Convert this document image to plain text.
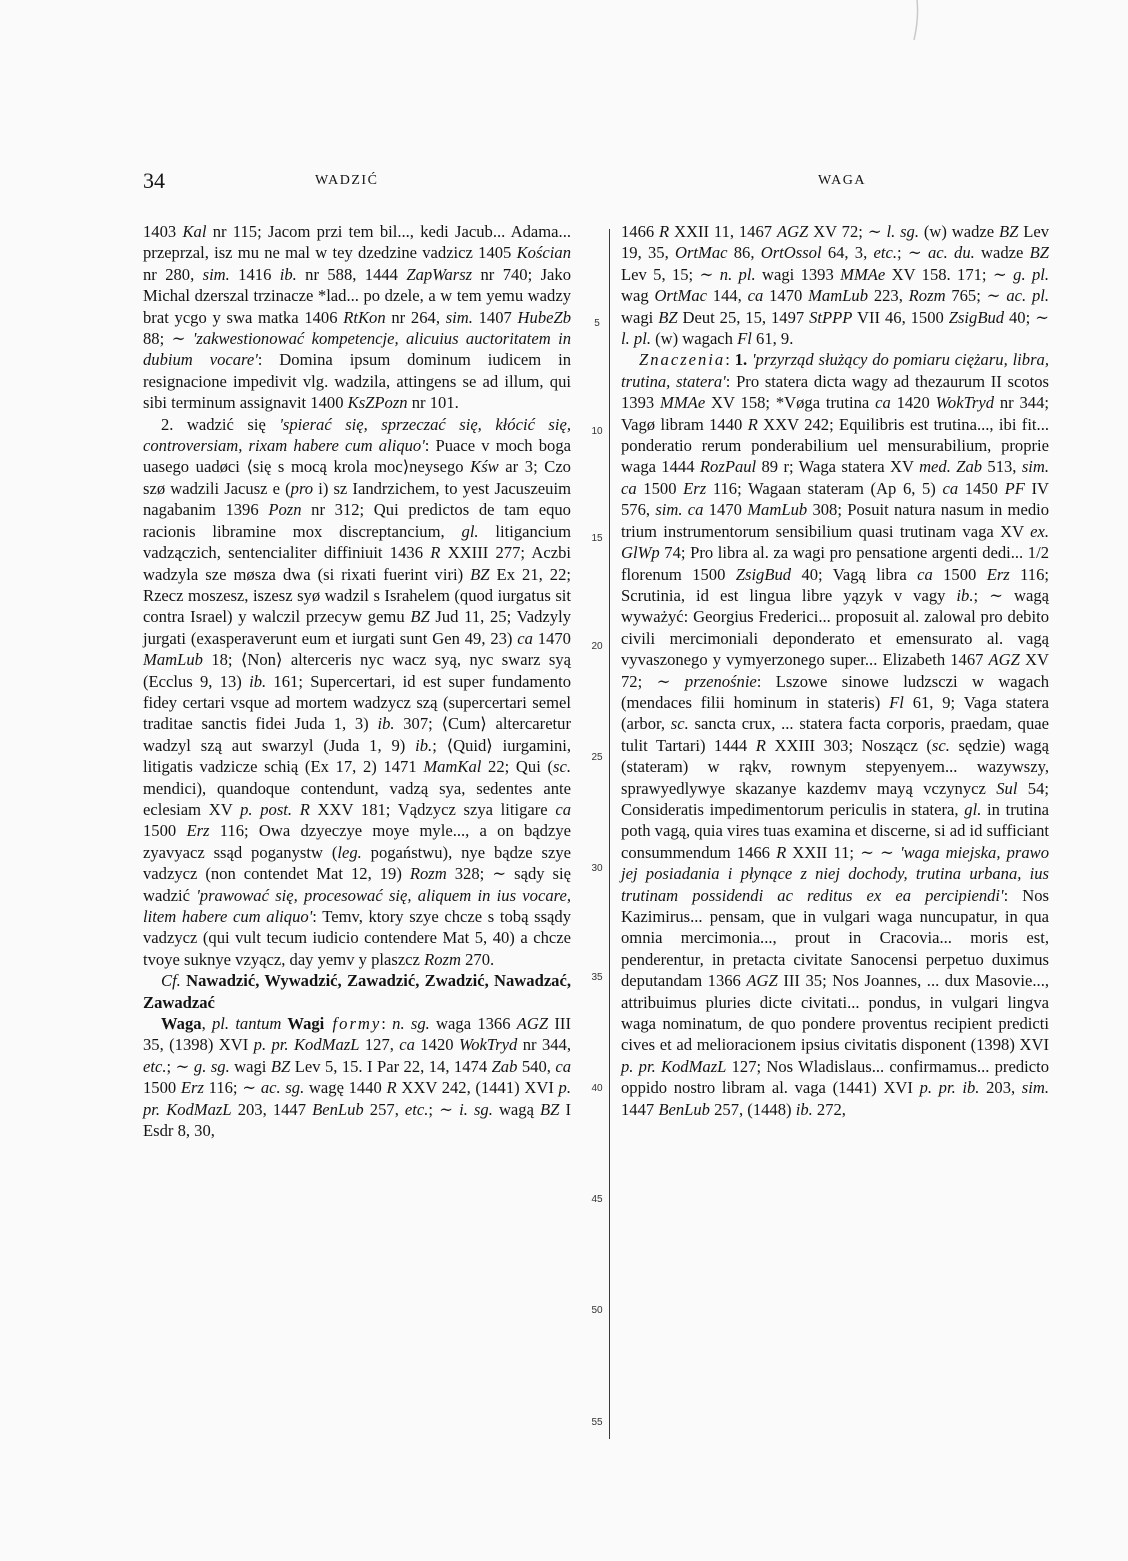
34	WADZIĆ	WAGA
5
10
15
20
25
30
35
40
45
50
55

1403 Kal nr 115; Jacom przi tem bil..., kedi Jacub... Adama... przeprzal, isz mu ne mal w tey dzedzine vadzicz 1405 Kościan nr 280, sim. 1416 ib. nr 588, 1444 ZapWarsz nr 740; Jako Michal dzerszal trzinacze *lad... po dzele, a w tem yemu wadzy brat ycgo y swa matka 1406 RtKon nr 264, sim. 1407 HubeZb 88; ∼ 'zakwestionować kompetencje, alicuius auctoritatem in dubium vocare': Domina ipsum dominum iudicem in resignacione impedivit vlg. wadzila, attingens se ad illum, qui sibi terminum assignavit 1400 KsZPozn nr 101.

2. wadzić się 'spierać się, sprzeczać się, kłócić się, controversiam, rixam habere cum aliquo': Puace v moch boga uasego uadøci ⟨się s mocą krola moc⟩neysego Kśw ar 3; Czo szø wadzili Jacusz e (pro i) sz Iandrzichem, to yest Jacuszeuim nagabanim 1396 Pozn nr 312; Qui predictos de tam equo racionis libramine mox discreptancium, gl. litigancium vadzączich, sentencialiter diffiniuit 1436 R XXIII 277; Aczbi wadzyla sze møsza dwa (si rixati fuerint viri) BZ Ex 21, 22; Rzecz moszesz, iszesz syø wadzil s Israhelem (quod iurgatus sit contra Israel) y walczil przecyw gemu BZ Jud 11, 25; Vadzyly jurgati (exasperaverunt eum et iurgati sunt Gen 49, 23) ca 1470 MamLub 18; ⟨Non⟩ alterceris nyc wacz syą, nyc swarz syą (Ecclus 9, 13) ib. 161; Supercertari, id est super fundamento fidey certari vsque ad mortem wadzycz szą (supercertari semel traditae sanctis fidei Juda 1, 3) ib. 307; ⟨Cum⟩ altercaretur wadzyl szą aut swarzyl (Juda 1, 9) ib.; ⟨Quid⟩ iurgamini, litigatis vadzicze schią (Ex 17, 2) 1471 MamKal 22; Qui (sc. mendici), quandoque contendunt, vadzą sya, sedentes ante eclesiam XV p. post. R XXV 181; Vądzycz szya litigare ca 1500 Erz 116; Owa dzyeczye moye myle..., a on bądzye zyavyacz ssąd poganystw (leg. pogaństwu), nye bądze szye vadzycz (non contendet Mat 12, 19) Rozm 328; ∼ sądy się wadzić 'prawować się, procesować się, aliquem in ius vocare, litem habere cum aliquo': Temv, ktory szye chcze s tobą ssądy vadzycz (qui vult tecum iudicio contendere Mat 5, 40) a chcze tvoye suknye vzyącz, day yemv y plaszcz Rozm 270.

Cf. Nawadzić, Wywadzić, Zawadzić, Zwadzić, Nawadzać, Zawadzać

Waga, pl. tantum Wagi formy: n. sg. waga 1366 AGZ III 35, (1398) XVI p. pr. KodMazL 127, ca 1420 WokTryd nr 344, etc.; ∼ g. sg. wagi BZ Lev 5, 15. I Par 22, 14, 1474 Zab 540, ca 1500 Erz 116; ∼ ac. sg. wagę 1440 R XXV 242, (1441) XVI p. pr. KodMazL 203, 1447 BenLub 257, etc.; ∼ i. sg. wagą BZ I Esdr 8, 30,

1466 R XXII 11, 1467 AGZ XV 72; ∼ l. sg. (w) wadze BZ Lev 19, 35, OrtMac 86, OrtOssol 64, 3, etc.; ∼ ac. du. wadze BZ Lev 5, 15; ∼ n. pl. wagi 1393 MMAe XV 158. 171; ∼ g. pl. wag OrtMac 144, ca 1470 MamLub 223, Rozm 765; ∼ ac. pl. wagi BZ Deut 25, 15, 1497 StPPP VII 46, 1500 ZsigBud 40; ∼ l. pl. (w) wagach Fl 61, 9.

Znaczenia: 1. 'przyrząd służący do pomiaru ciężaru, libra, trutina, statera': Pro statera dicta wagy ad thezaurum II scotos 1393 MMAe XV 158; *Vøga trutina ca 1420 WokTryd nr 344; Vagø libram 1440 R XXV 242; Equilibris est trutina..., ibi fit... ponderatio rerum ponderabilium uel mensurabilium, proprie waga 1444 RozPaul 89 r; Waga statera XV med. Zab 513, sim. ca 1500 Erz 116; Wagaan stateram (Ap 6, 5) ca 1450 PF IV 576, sim. ca 1470 MamLub 308; Posuit natura nasum in medio trium instrumentorum sensibilium quasi trutinam vaga XV ex. GlWp 74; Pro libra al. za wagi pro pensatione argenti dedi... 1/2 florenum 1500 ZsigBud 40; Vagą libra ca 1500 Erz 116; Scrutinia, id est lingua libre yązyk v vagy ib.; ∼ wagą wyważyć: Georgius Frederici... proposuit al. zalowal pro debito civili mercimoniali deponderato et emensurato al. vagą vyvaszonego y vymyerzonego super... Elizabeth 1467 AGZ XV 72; ∼ przenośnie: Lszowe sinowe ludzsczi w wagach (mendaces filii hominum in stateris) Fl 61, 9; Vaga statera (arbor, sc. sancta crux, ... statera facta corporis, praedam, quae tulit Tartari) 1444 R XXIII 303; Noszącz (sc. sędzie) wagą (stateram) w rąkv, rownym stepyenyem... wazywszy, sprawyedlywye skazanye kazdemv mayą vczynycz Sul 54; Consideratis impedimentorum periculis in statera, gl. in trutina poth vagą, quia vires tuas examina et discerne, si ad id sufficiant consummendum 1466 R XXII 11; ∼ ∼ 'waga miejska, prawo jej posiadania i płynące z niej dochody, trutina urbana, ius trutinam possidendi ac reditus ex ea percipiendi': Nos Kazimirus... pensam, que in vulgari waga nuncupatur, in qua omnia mercimonia..., prout in Cracovia... moris est, penderentur, in pretacta civitate Sanocensi perpetuo duximus deputandam 1366 AGZ III 35; Nos Joannes, ... dux Masovie..., attribuimus pluries dicte civitati... pondus, in vulgari lingva waga nominatum, de quo pondere proventus recipient predicti cives et ad melioracionem ipsius civitatis disponent (1398) XVI p. pr. KodMazL 127; Nos Wladislaus... confirmamus... predicto oppido nostro libram al. vaga (1441) XVI p. pr. ib. 203, sim. 1447 BenLub 257, (1448) ib. 272,
